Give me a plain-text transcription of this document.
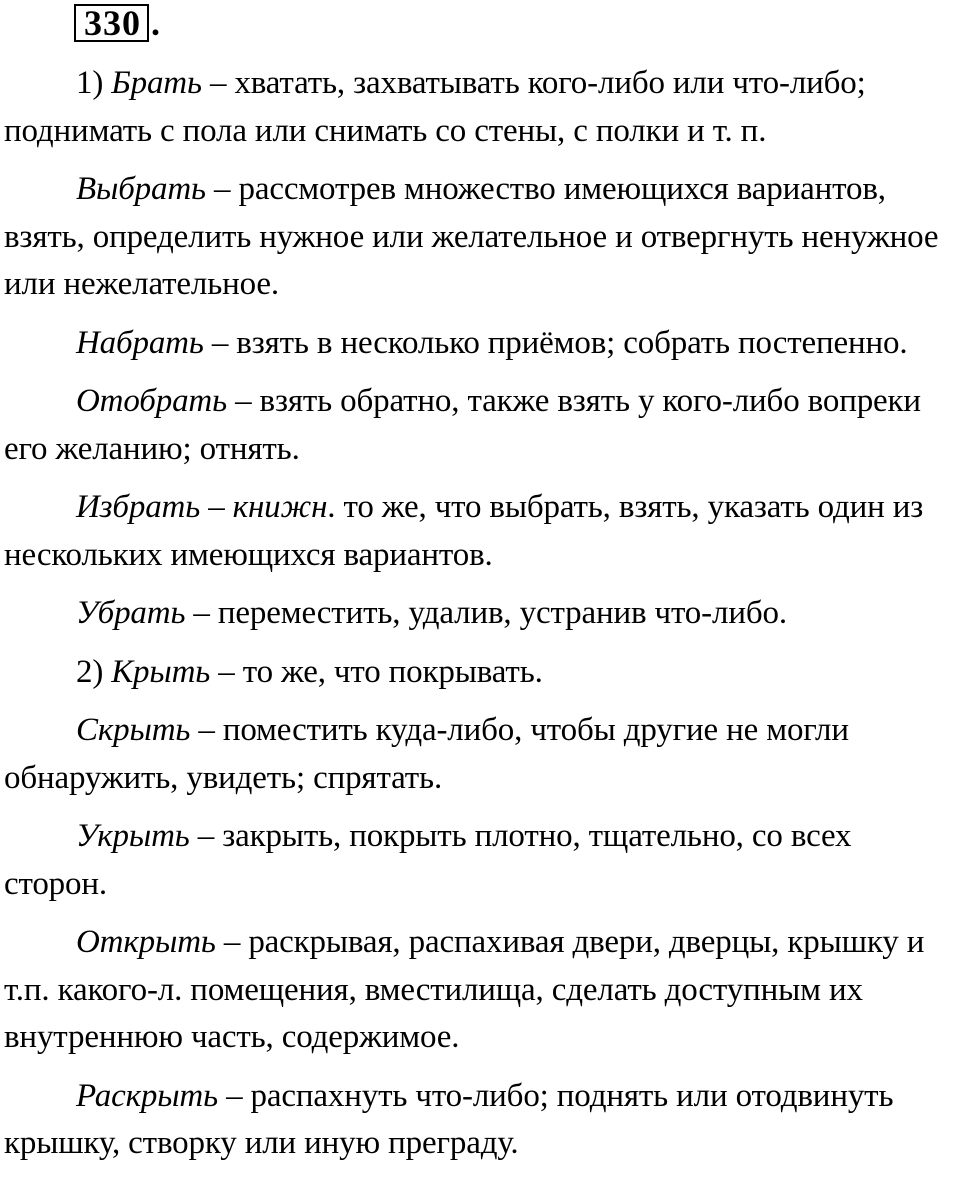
330 .

1) Брать – хватать, захватывать кого-либо или что-либо; поднимать с пола или снимать со стены, с полки и т. п.

Выбрать – рассмотрев множество имеющихся вариантов, взять, определить нужное или желательное и отвергнуть ненужное или нежелательное.

Набрать – взять в несколько приёмов; собрать постепенно.

Отобрать – взять обратно, также взять у кого-либо вопреки его желанию; отнять.

Избрать – книжн. то же, что выбрать, взять, указать один из нескольких имеющихся вариантов.

Убрать – переместить, удалив, устранив что-либо.

2) Крыть – то же, что покрывать.

Скрыть – поместить куда-либо, чтобы другие не могли обнаружить, увидеть; спрятать.

Укрыть – закрыть, покрыть плотно, тщательно, со всех сторон.

Открыть – раскрывая, распахивая двери, дверцы, крышку и т.п. какого-л. помещения, вместилища, сделать доступным их внутреннюю часть, содержимое.

Раскрыть – распахнуть что-либо; поднять или отодвинуть крышку, створку или иную преграду.
